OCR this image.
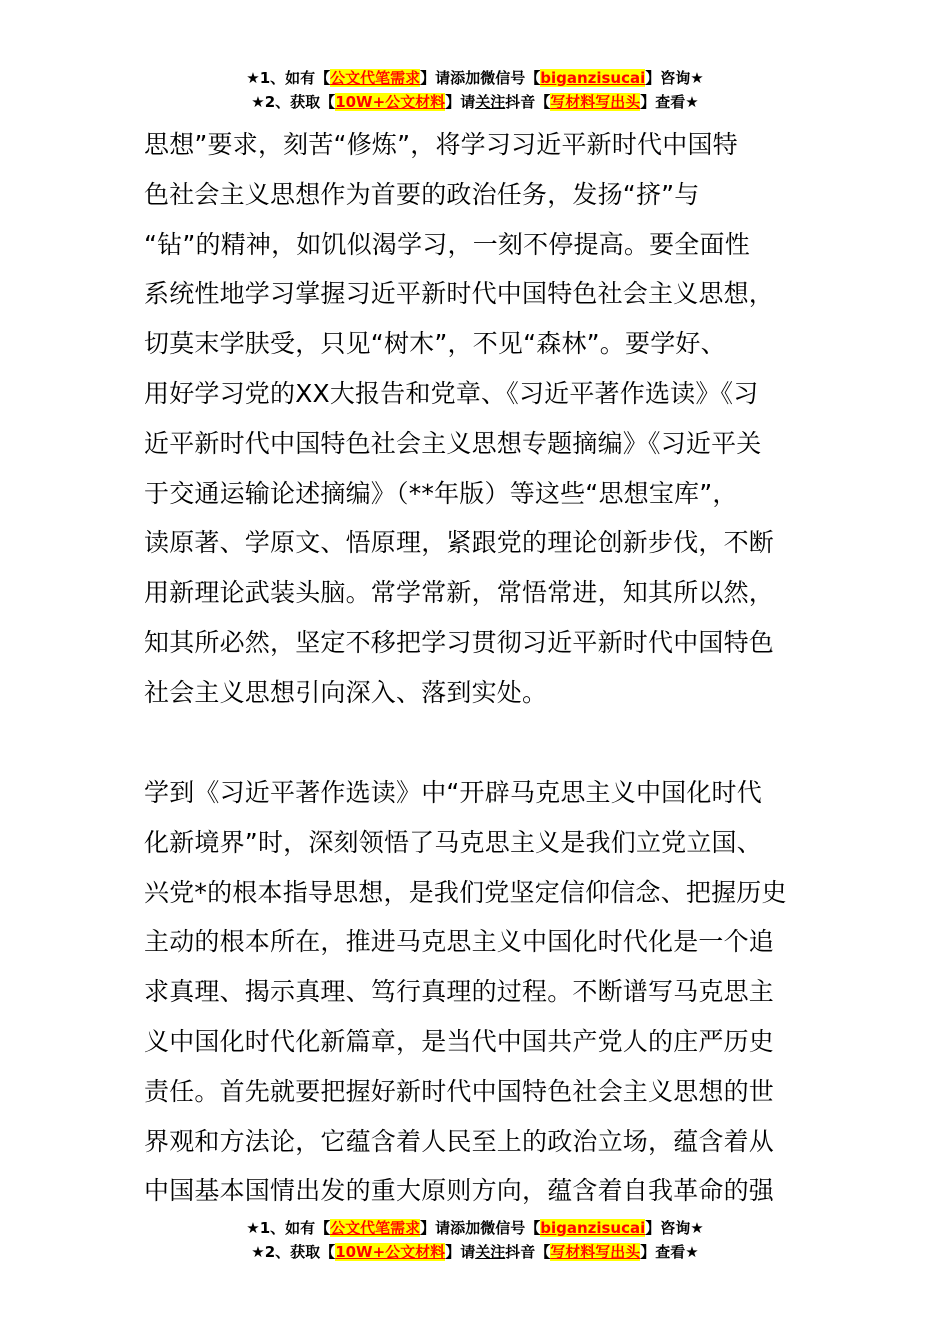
★1、如有【公文代笔需求】请添加微信号【biganzisucai】咨询★
★2、获取【10W+公文材料】请关注抖音【写材料写出头】查看★
思想”要求，刻苦“修炼”，将学习习近平新时代中国特
色社会主义思想作为首要的政治任务，发扬“挤”与
“钻”的精神，如饥似渴学习，一刻不停提高。要全面性
系统性地学习掌握习近平新时代中国特色社会主义思想，
切莫末学肤受，只见“树木”，不见“森林”。要学好、
用好学习党的XX大报告和党章、《习近平著作选读》《习
近平新时代中国特色社会主义思想专题摘编》《习近平关
于交通运输论述摘编》（**年版）等这些“思想宝库”，
读原著、学原文、悟原理，紧跟党的理论创新步伐，不断
用新理论武装头脑。常学常新，常悟常进，知其所以然，
知其所必然，坚定不移把学习贯彻习近平新时代中国特色
社会主义思想引向深入、落到实处。
学到《习近平著作选读》中“开辟马克思主义中国化时代
化新境界”时，深刻领悟了马克思主义是我们立党立国、
兴党*的根本指导思想，是我们党坚定信仰信念、把握历史
主动的根本所在，推进马克思主义中国化时代化是一个追
求真理、揭示真理、笃行真理的过程。不断谱写马克思主
义中国化时代化新篇章，是当代中国共产党人的庄严历史
责任。首先就要把握好新时代中国特色社会主义思想的世
界观和方法论，它蕴含着人民至上的政治立场，蕴含着从
中国基本国情出发的重大原则方向，蕴含着自我革命的强
★1、如有【公文代笔需求】请添加微信号【biganzisucai】咨询★
★2、获取【10W+公文材料】请关注抖音【写材料写出头】查看★
